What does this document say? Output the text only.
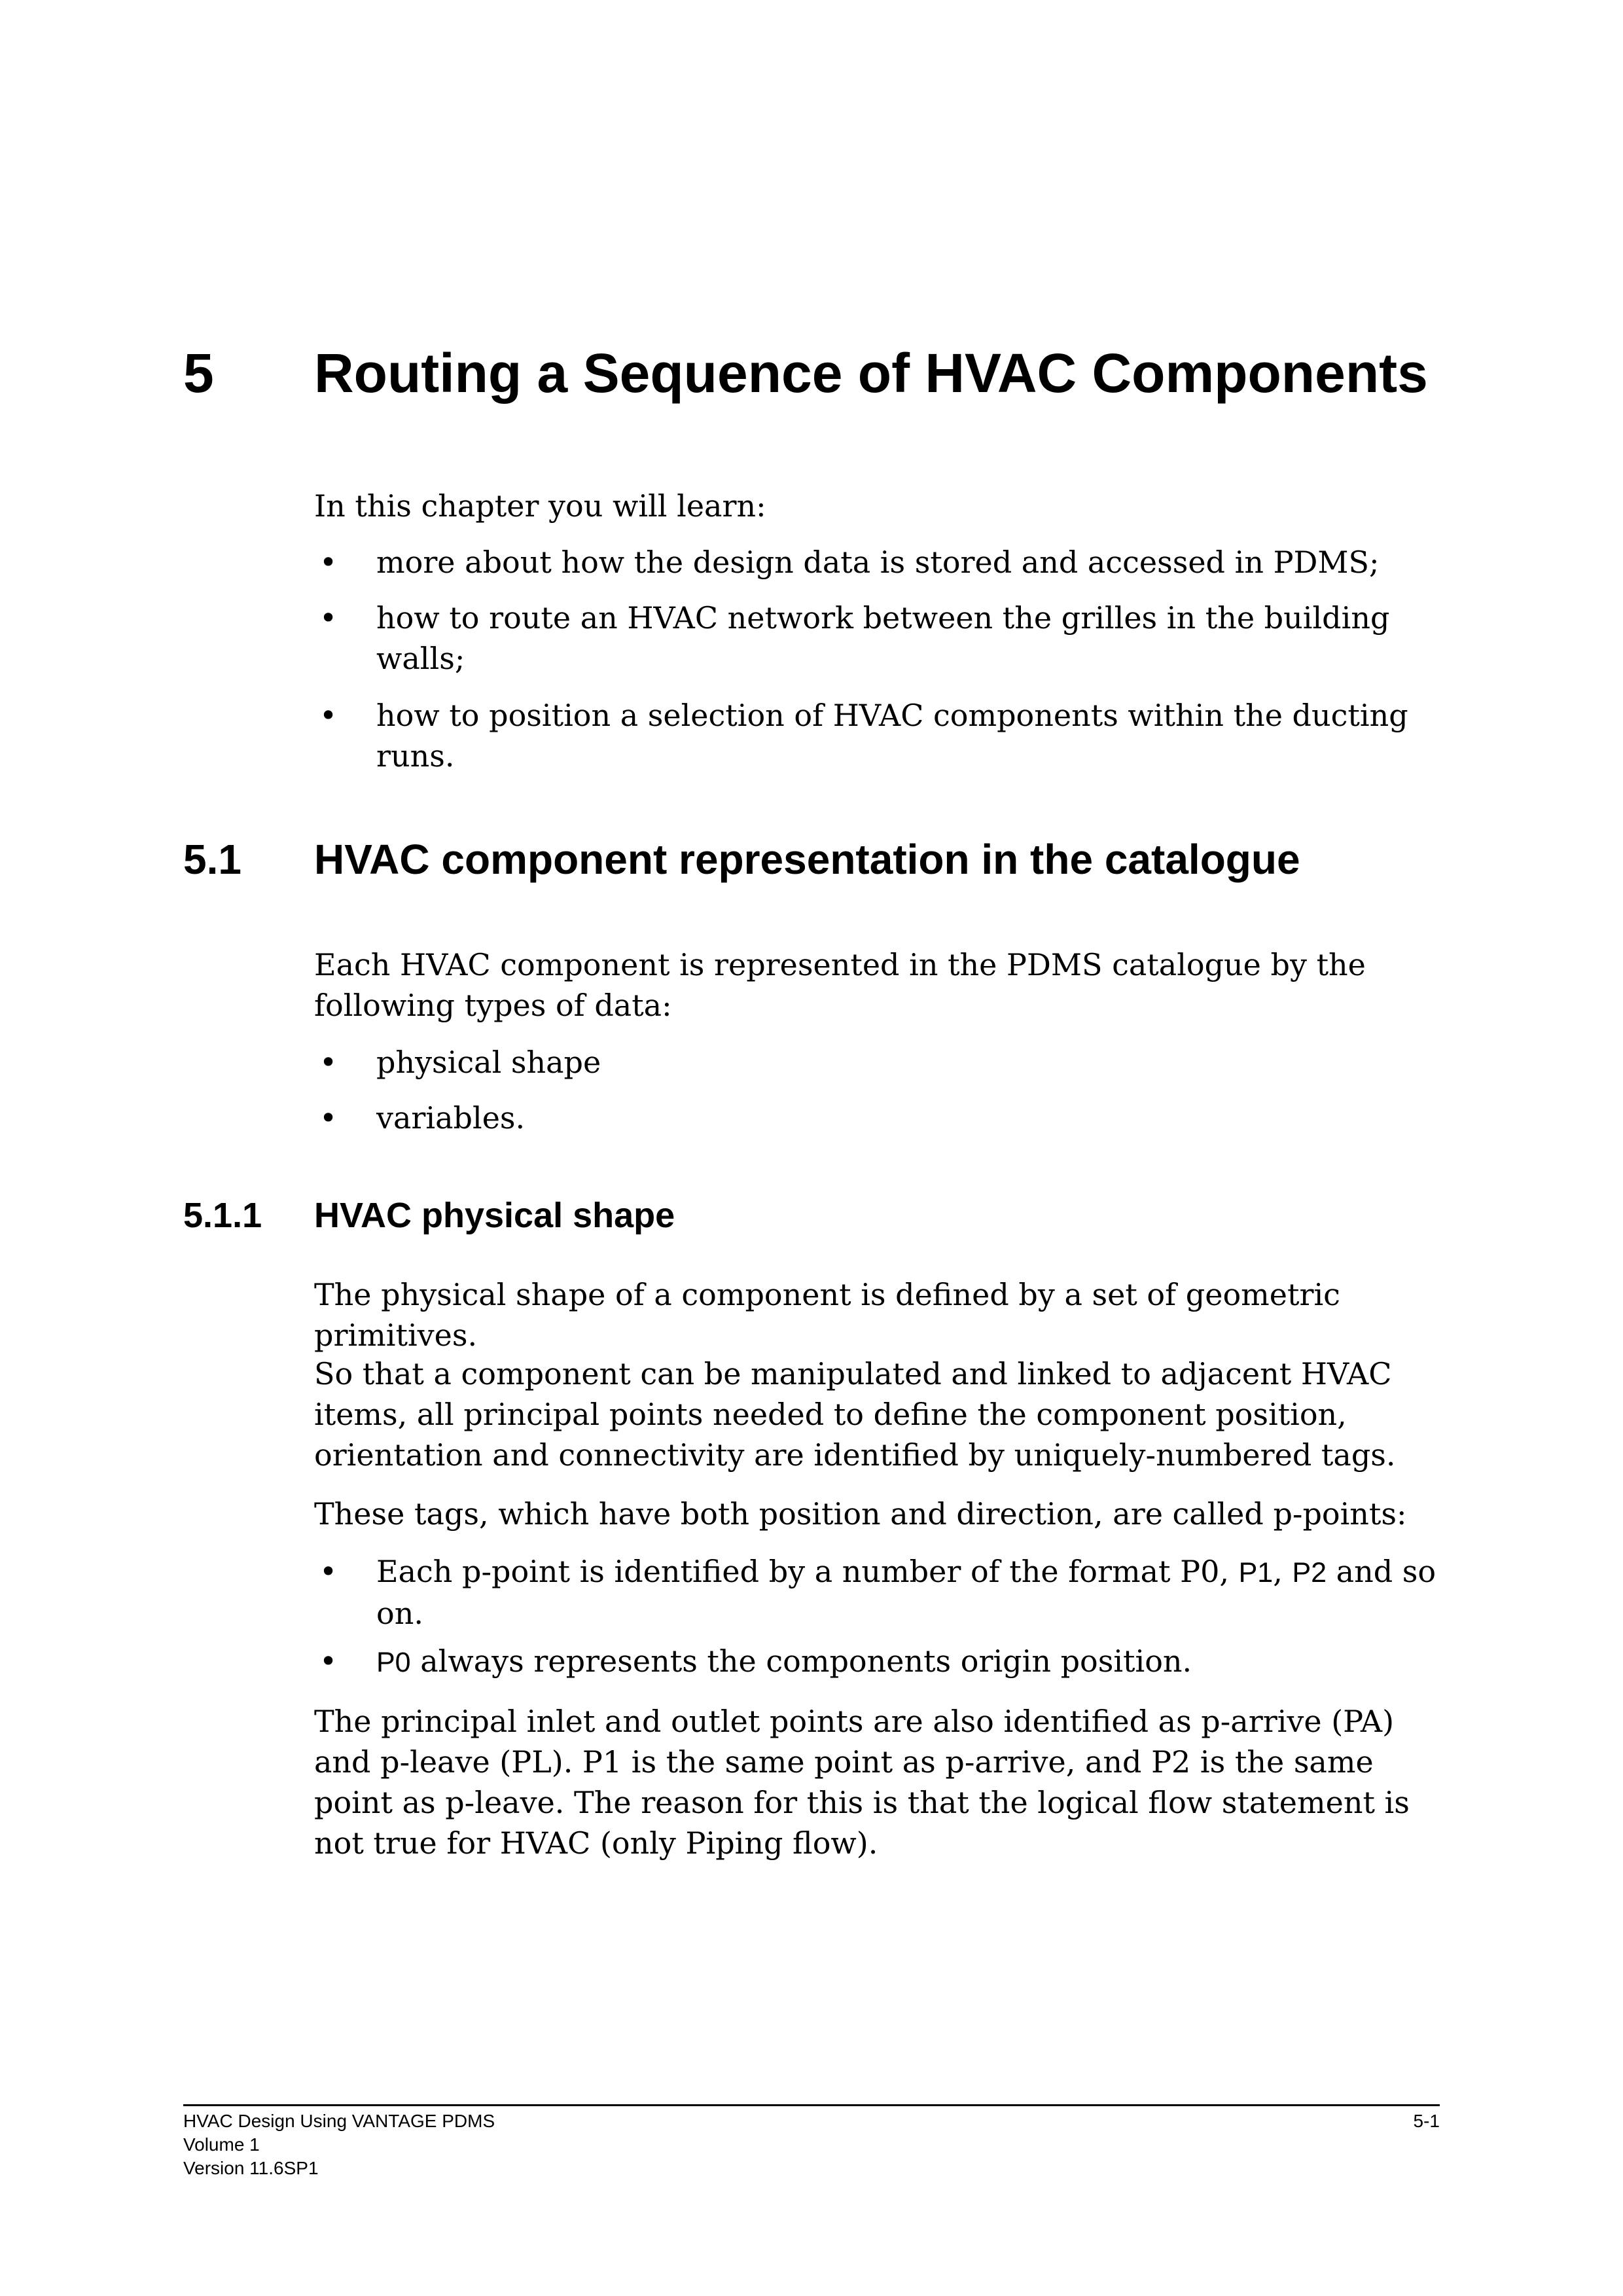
5 Routing a Sequence of HVAC Components

In this chapter you will learn:

• more about how the design data is stored and accessed in PDMS;
• how to route an HVAC network between the grilles in the building walls;
• how to position a selection of HVAC components within the ducting runs.
5.1 HVAC component representation in the catalogue

Each HVAC component is represented in the PDMS catalogue by the following types of data:

• physical shape
• variables.
5.1.1 HVAC physical shape

The physical shape of a component is defined by a set of geometric primitives.

So that a component can be manipulated and linked to adjacent HVAC items, all principal points needed to define the component position, orientation and connectivity are identified by uniquely-numbered tags.

These tags, which have both position and direction, are called p-points:

• Each p-point is identified by a number of the format P0, P1, P2 and so on.
• P0 always represents the components origin position.

The principal inlet and outlet points are also identified as p-arrive (PA) and p-leave (PL). P1 is the same point as p-arrive, and P2 is the same point as p-leave. The reason for this is that the logical flow statement is not true for HVAC (only Piping flow).

HVAC Design Using VANTAGE PDMS
Volume 1
Version 11.6SP1
5-1
